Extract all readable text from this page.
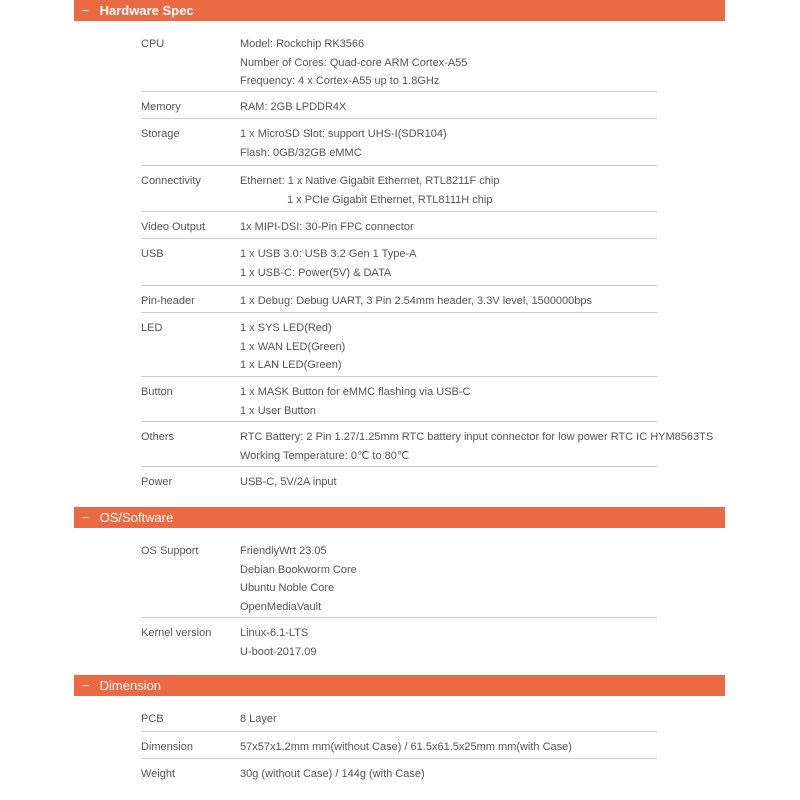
− Hardware Spec
CPU	Model: Rockchip RK3566
Number of Cores: Quad-core ARM Cortex-A55
Frequency: 4 x Cortex-A55 up to 1.8GHz
Memory	RAM: 2GB LPDDR4X
Storage	1 x MicroSD Slot: support UHS-I(SDR104)
Flash: 0GB/32GB eMMC
Connectivity	Ethernet: 1 x Native Gigabit Ethernet, RTL8211F chip
1 x PCIe Gigabit Ethernet, RTL8111H chip
Video Output	1x MIPI-DSI: 30-Pin FPC connector
USB	1 x USB 3.0: USB 3.2 Gen 1 Type-A
1 x USB-C: Power(5V) & DATA
Pin-header	1 x Debug: Debug UART, 3 Pin 2.54mm header, 3.3V level, 1500000bps
LED	1 x SYS LED(Red)
1 x WAN LED(Green)
1 x LAN LED(Green)
Button	1 x MASK Button for eMMC flashing via USB-C
1 x User Button
Others	RTC Battery: 2 Pin 1.27/1.25mm RTC battery input connector for low power RTC IC HYM8563TS
Working Temperature: 0℃ to 80℃
Power	USB-C, 5V/2A input
− OS/Software
OS Support	FriendlyWrt 23.05
Debian Bookworm Core
Ubuntu Noble Core
OpenMediaVault
Kernel version	Linux-6.1-LTS
U-boot-2017.09
− Dimension
PCB	8 Layer
Dimension	57x57x1.2mm mm(without Case) / 61.5x61.5x25mm mm(with Case)
Weight	30g (without Case) / 144g (with Case)
